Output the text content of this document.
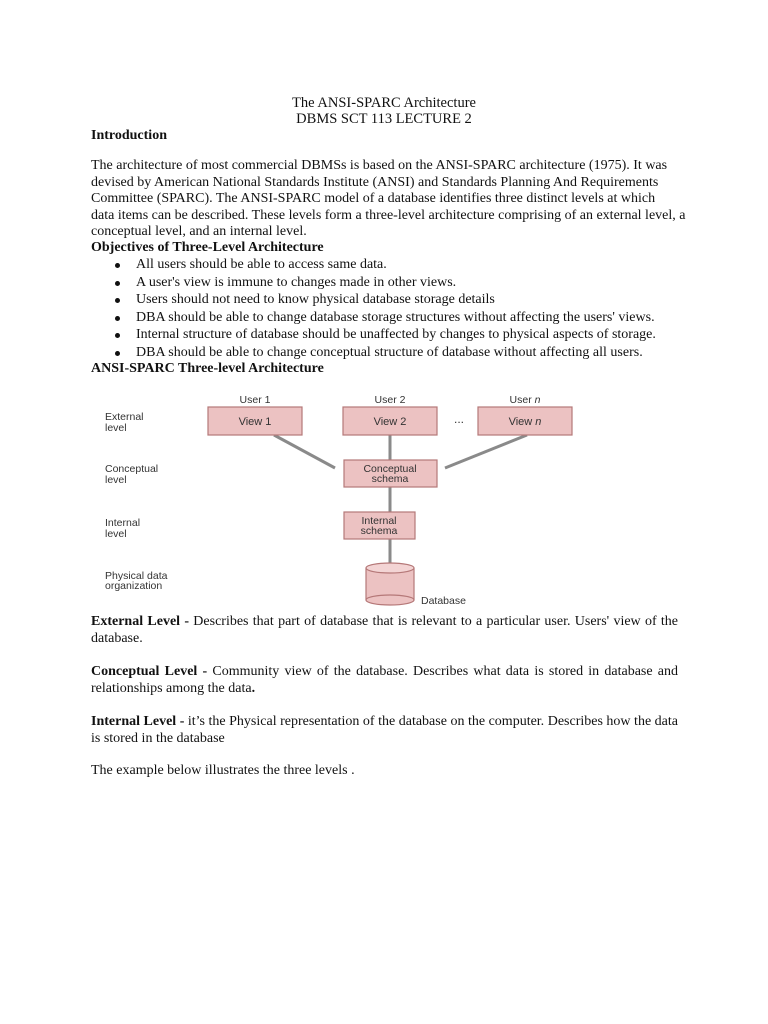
The ANSI-SPARC Architecture
DBMS SCT 113 LECTURE 2
Introduction
The architecture of most commercial DBMSs is based on the ANSI-SPARC architecture (1975). It was
devised by American National Standards Institute (ANSI) and Standards Planning And Requirements
Committee (SPARC). The ANSI-SPARC model of a database identifies three distinct levels at which
data items can be described. These levels form a three-level architecture comprising of an external level, a
conceptual level, and an internal level.
Objectives of Three-Level Architecture
All users should be able to access same data.
A user's view is immune to changes made in other views.
Users should not need to know physical database storage details
DBA should be able to change database storage structures without affecting the users' views.
Internal structure of database should be unaffected by changes to physical aspects of storage.
DBA should be able to change conceptual structure of database without affecting all users.
ANSI-SPARC Three-level Architecture
External
level
Conceptual
level
Internal
level
Physical data
organization
User 1	User 2	User n
View 1	View 2	View n
...
Conceptual
schema
Internal
schema
Database
External Level - Describes that part of database that is relevant to a particular user. Users' view of the
database.
Conceptual Level - Community view of the database. Describes what data is stored in database and
relationships among the data.
Internal Level - it’s the Physical representation of the database on the computer. Describes how the data
is stored in the database
The example below illustrates the three levels .
